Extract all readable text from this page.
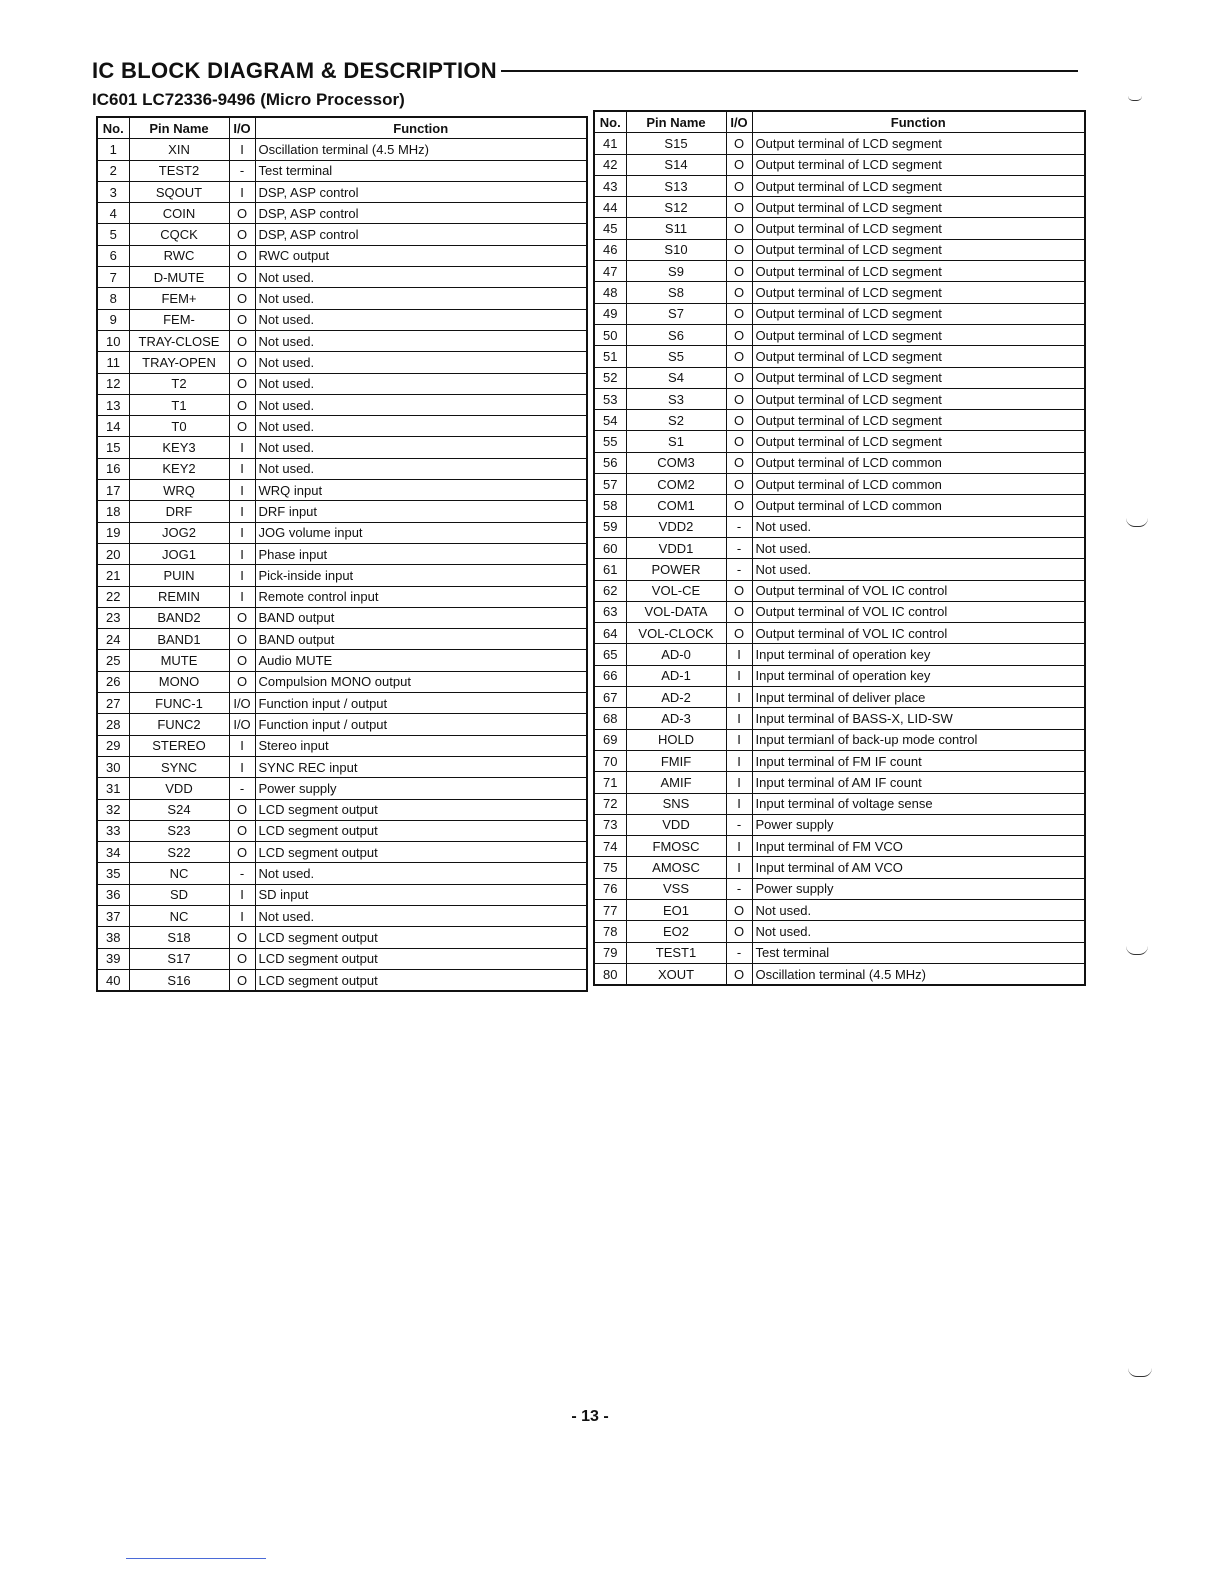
IC BLOCK DIAGRAM & DESCRIPTION
IC601 LC72336-9496 (Micro Processor)
No.	Pin Name	I/O	Function
1	XIN	I	Oscillation terminal (4.5 MHz)
2	TEST2	-	Test terminal
3	SQOUT	I	DSP, ASP control
4	COIN	O	DSP, ASP control
5	CQCK	O	DSP, ASP control
6	RWC	O	RWC output
7	D-MUTE	O	Not used.
8	FEM+	O	Not used.
9	FEM-	O	Not used.
10	TRAY-CLOSE	O	Not used.
11	TRAY-OPEN	O	Not used.
12	T2	O	Not used.
13	T1	O	Not used.
14	T0	O	Not used.
15	KEY3	I	Not used.
16	KEY2	I	Not used.
17	WRQ	I	WRQ input
18	DRF	I	DRF input
19	JOG2	I	JOG volume input
20	JOG1	I	Phase input
21	PUIN	I	Pick-inside input
22	REMIN	I	Remote control input
23	BAND2	O	BAND output
24	BAND1	O	BAND output
25	MUTE	O	Audio MUTE
26	MONO	O	Compulsion MONO output
27	FUNC-1	I/O	Function input / output
28	FUNC2	I/O	Function input / output
29	STEREO	I	Stereo input
30	SYNC	I	SYNC REC input
31	VDD	-	Power supply
32	S24	O	LCD segment output
33	S23	O	LCD segment output
34	S22	O	LCD segment output
35	NC	-	Not used.
36	SD	I	SD input
37	NC	I	Not used.
38	S18	O	LCD segment output
39	S17	O	LCD segment output
40	S16	O	LCD segment output
No.	Pin Name	I/O	Function
41	S15	O	Output terminal of LCD segment
42	S14	O	Output terminal of LCD segment
43	S13	O	Output terminal of LCD segment
44	S12	O	Output terminal of LCD segment
45	S11	O	Output terminal of LCD segment
46	S10	O	Output terminal of LCD segment
47	S9	O	Output terminal of LCD segment
48	S8	O	Output terminal of LCD segment
49	S7	O	Output terminal of LCD segment
50	S6	O	Output terminal of LCD segment
51	S5	O	Output terminal of LCD segment
52	S4	O	Output terminal of LCD segment
53	S3	O	Output terminal of LCD segment
54	S2	O	Output terminal of LCD segment
55	S1	O	Output terminal of LCD segment
56	COM3	O	Output terminal of LCD common
57	COM2	O	Output terminal of LCD common
58	COM1	O	Output terminal of LCD common
59	VDD2	-	Not used.
60	VDD1	-	Not used.
61	POWER	-	Not used.
62	VOL-CE	O	Output terminal of VOL IC control
63	VOL-DATA	O	Output terminal of VOL IC control
64	VOL-CLOCK	O	Output terminal of VOL IC control
65	AD-0	I	Input terminal of operation key
66	AD-1	I	Input terminal of operation key
67	AD-2	I	Input terminal of deliver place
68	AD-3	I	Input terminal of BASS-X, LID-SW
69	HOLD	I	Input termianl of back-up mode control
70	FMIF	I	Input terminal of FM IF count
71	AMIF	I	Input terminal of AM IF count
72	SNS	I	Input terminal of voltage sense
73	VDD	-	Power supply
74	FMOSC	I	Input terminal of FM VCO
75	AMOSC	I	Input terminal of AM VCO
76	VSS	-	Power supply
77	EO1	O	Not used.
78	EO2	O	Not used.
79	TEST1	-	Test terminal
80	XOUT	O	Oscillation terminal (4.5 MHz)
- 13 -
